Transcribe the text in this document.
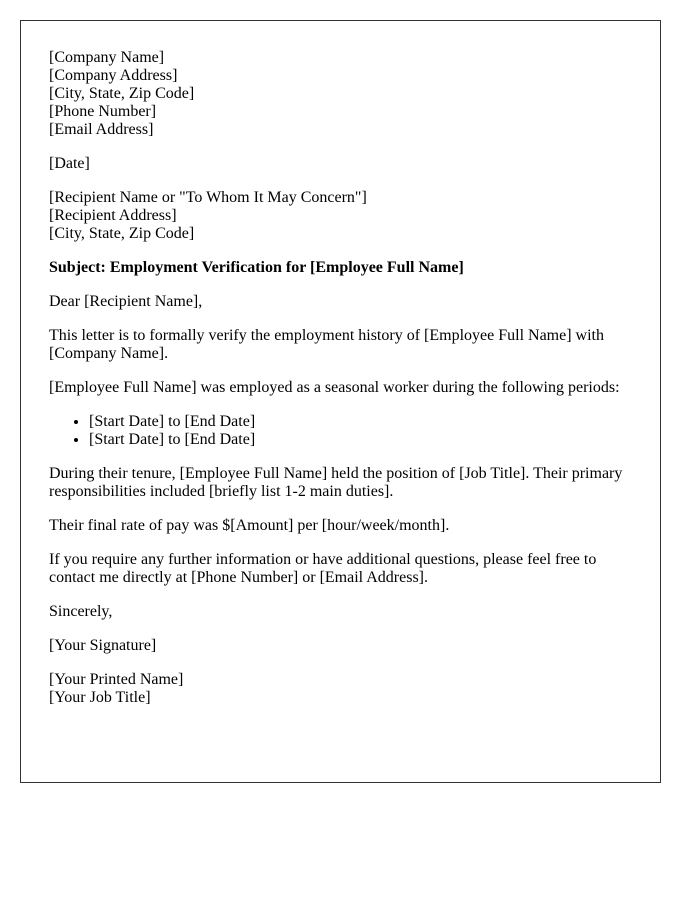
[Company Name]
[Company Address]
[City, State, Zip Code]
[Phone Number]
[Email Address]

[Date]

[Recipient Name or "To Whom It May Concern"]
[Recipient Address]
[City, State, Zip Code]

Subject: Employment Verification for [Employee Full Name]

Dear [Recipient Name],

This letter is to formally verify the employment history of [Employee Full Name] with [Company Name].

[Employee Full Name] was employed as a seasonal worker during the following periods:

• [Start Date] to [End Date]
• [Start Date] to [End Date]

During their tenure, [Employee Full Name] held the position of [Job Title]. Their primary responsibilities included [briefly list 1-2 main duties].

Their final rate of pay was $[Amount] per [hour/week/month].

If you require any further information or have additional questions, please feel free to contact me directly at [Phone Number] or [Email Address].

Sincerely,

[Your Signature]

[Your Printed Name]
[Your Job Title]
